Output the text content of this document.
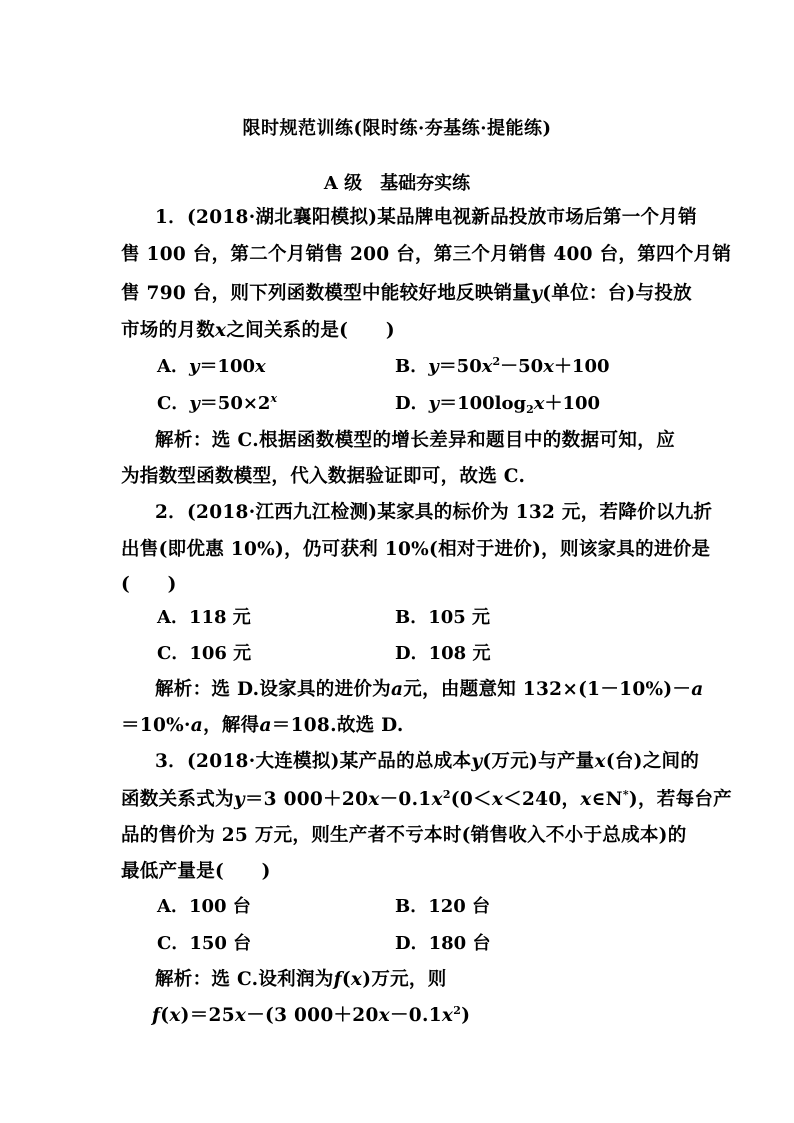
限时规范训练(限时练·夯基练·提能练)
A 级　基础夯实练
1．(2018·湖北襄阳模拟)某品牌电视新品投放市场后第一个月销
售 100 台，第二个月销售 200 台，第三个月销售 400 台，第四个月销
售 790 台，则下列函数模型中能较好地反映销量y(单位：台)与投放
市场的月数x之间关系的是(　　)
A．y＝100x	B．$y=50x^2-50x+100$
C．$y=50\times 2^x$	D．$y=100\log_2x+100$
解析：选 C.根据函数模型的增长差异和题目中的数据可知，应
为指数型函数模型，代入数据验证即可，故选 C.
2．(2018·江西九江检测)某家具的标价为 132 元，若降价以九折
出售(即优惠 10%)，仍可获利 10%(相对于进价)，则该家具的进价是
(　　)
A．118 元	B．105 元
C．106 元	D．108 元
解析：选 D.设家具的进价为a元，由题意知 132×(1－10%)－a
＝10%·a，解得a＝108.故选 D.
3．(2018·大连模拟)某产品的总成本y(万元)与产量x(台)之间的
函数关系式为y＝3 $000+20x-0.1x^2(0<x<240$，x∈N*)，若每台产
品的售价为 25 万元，则生产者不亏本时(销售收入不小于总成本)的
最低产量是(　　)
A．100 台	B．120 台
C．150 台	D．180 台
解析：选 C.设利润为f(x)万元，则
f(x)＝25x－(3 $000+20x-0.1x^2$)
